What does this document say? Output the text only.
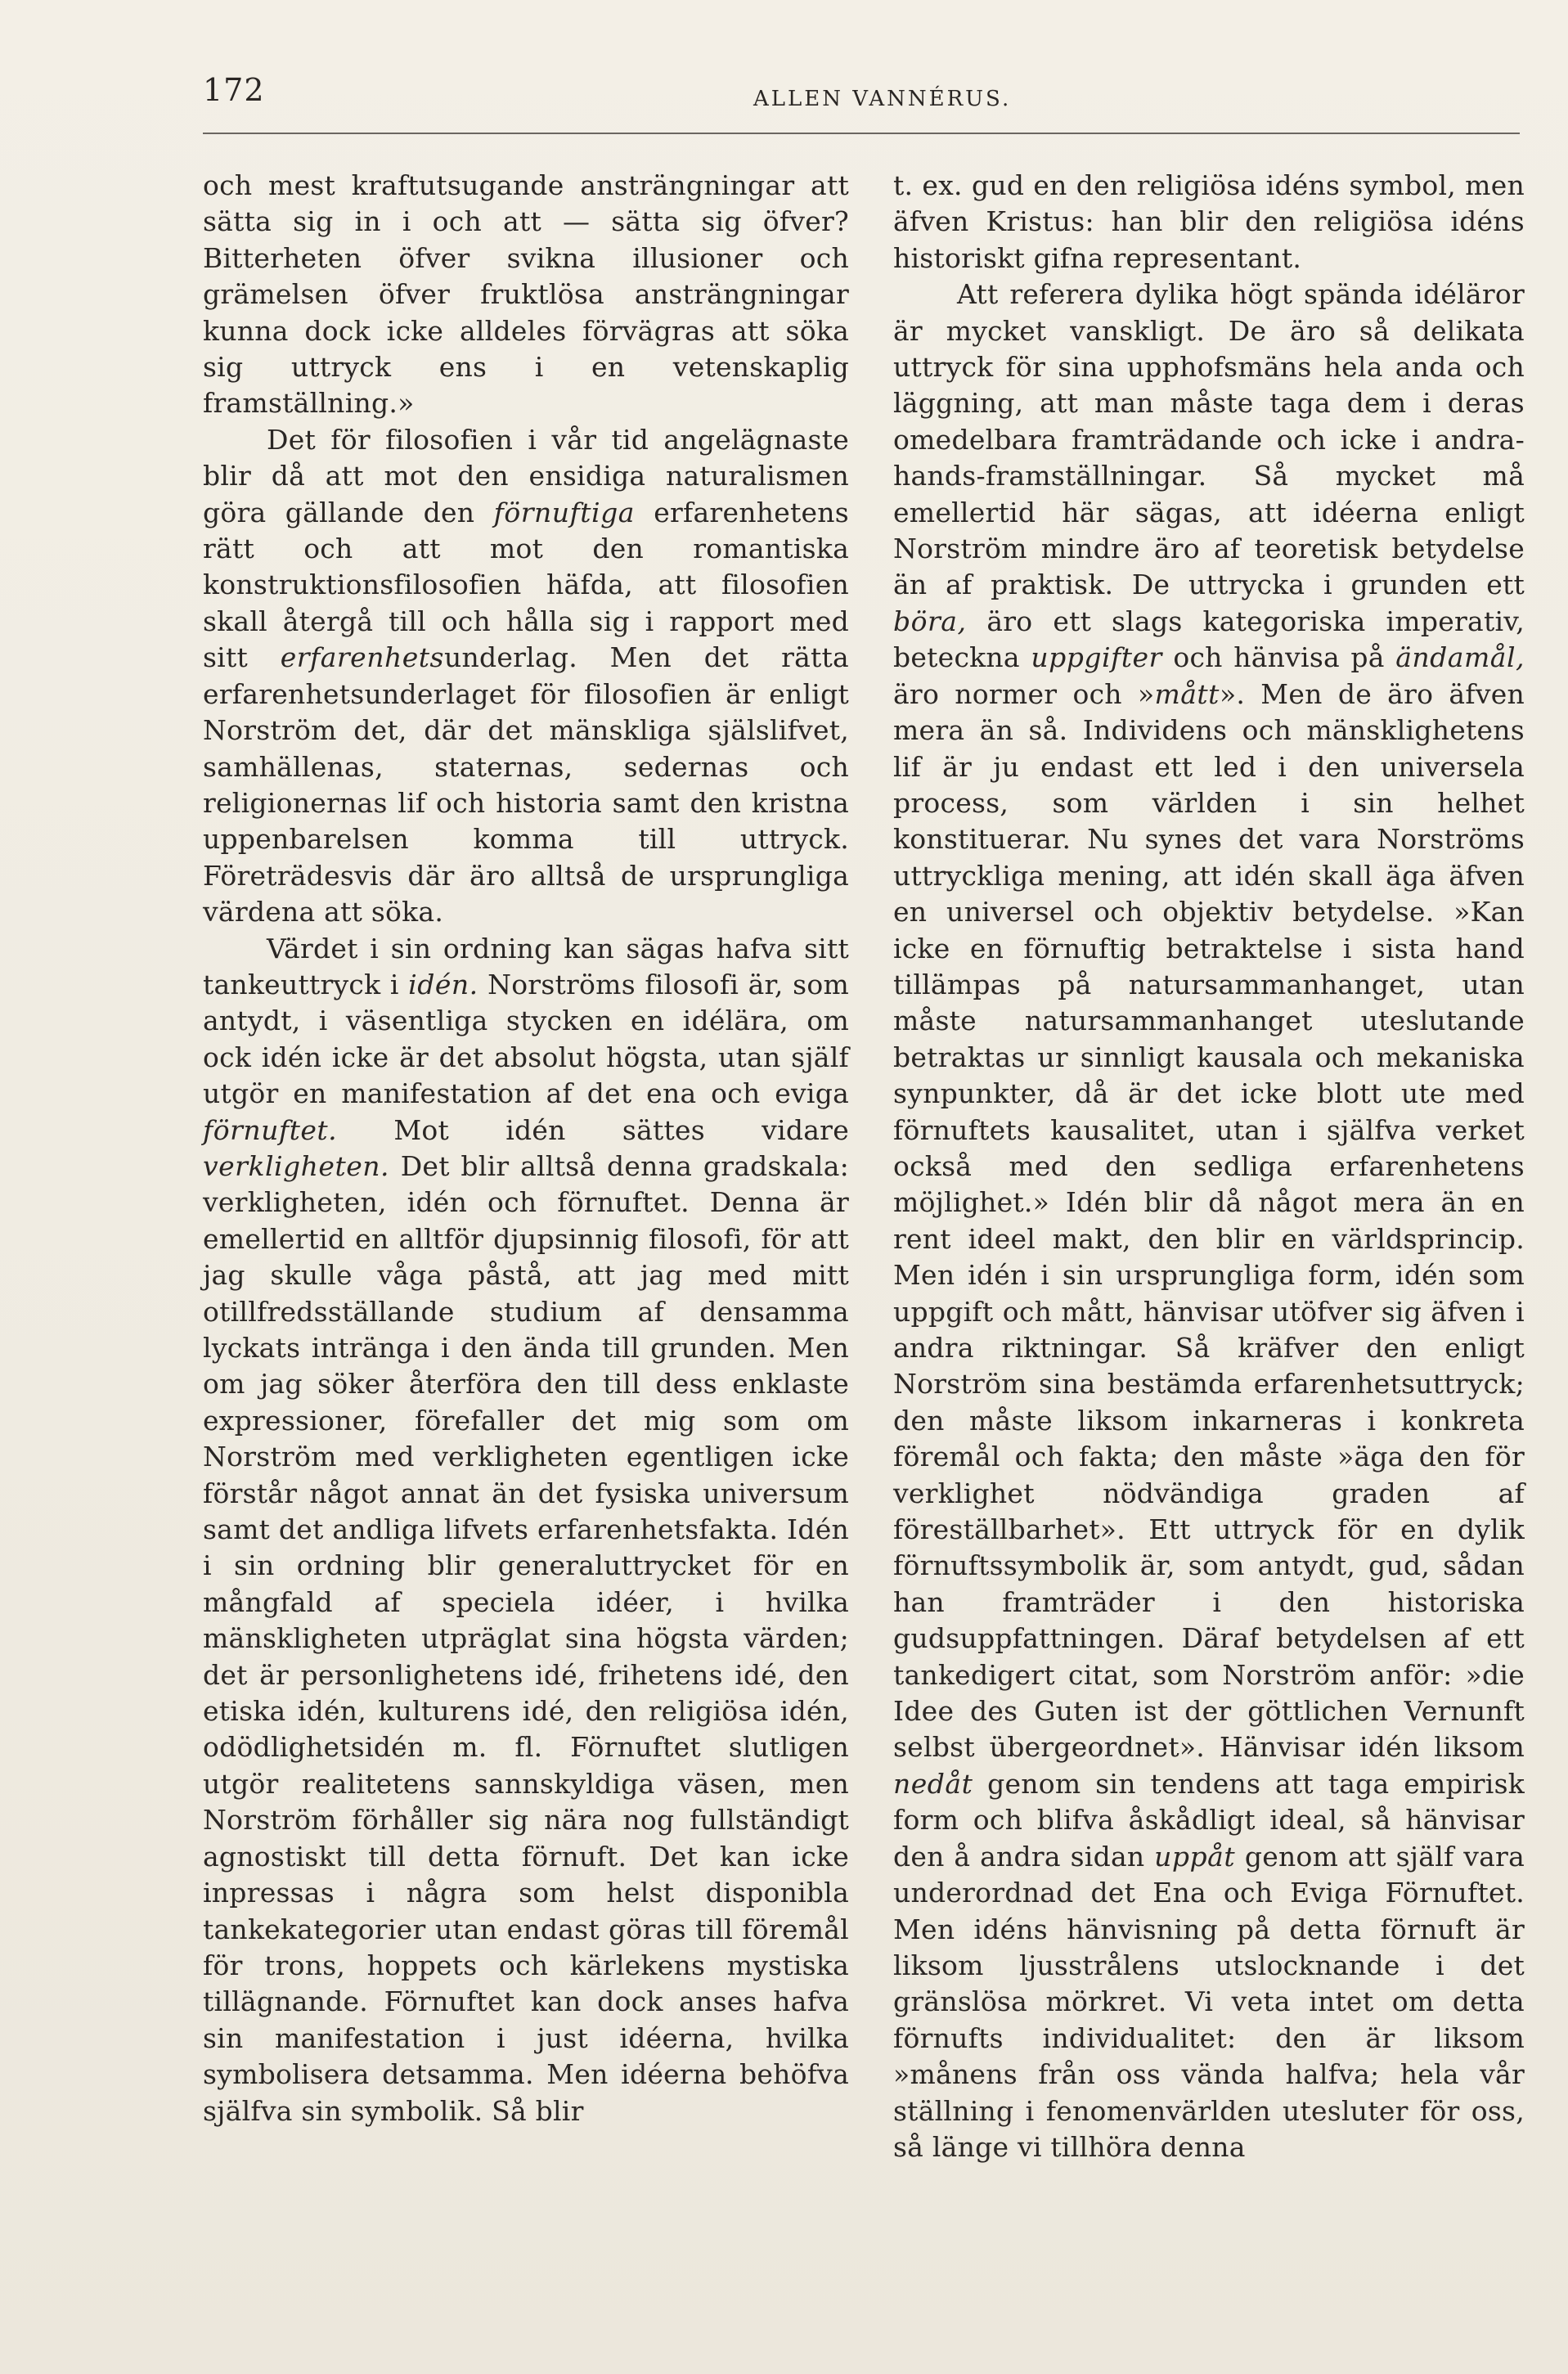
172	ALLEN VANNÉRUS.

och mest kraftutsugande ansträngningar att sätta sig in i och att — sätta sig öfver? Bitterheten öfver svikna illusioner och grämelsen öfver fruktlösa ansträngningar kunna dock icke alldeles förvägras att söka sig uttryck ens i en vetenskaplig framställning.»

Det för filosofien i vår tid angelägnaste blir då att mot den ensidiga naturalismen göra gällande den förnuftiga erfarenhetens rätt och att mot den romantiska konstruktionsfilosofien häfda, att filosofien skall återgå till och hålla sig i rapport med sitt erfarenhetsunderlag. Men det rätta erfarenhetsunderlaget för filosofien är enligt Norström det, där det mänskliga själslifvet, samhällenas, staternas, sedernas och religionernas lif och historia samt den kristna uppenbarelsen komma till uttryck. Företrädesvis där äro alltså de ursprungliga värdena att söka.

Värdet i sin ordning kan sägas hafva sitt tankeuttryck i idén. Norströms filosofi är, som antydt, i väsentliga stycken en idélära, om ock idén icke är det absolut högsta, utan själf utgör en manifestation af det ena och eviga förnuftet. Mot idén sättes vidare verkligheten. Det blir alltså denna gradskala: verkligheten, idén och förnuftet. Denna är emellertid en alltför djupsinnig filosofi, för att jag skulle våga påstå, att jag med mitt otillfredsställande studium af densamma lyckats intränga i den ända till grunden. Men om jag söker återföra den till dess enklaste expressioner, förefaller det mig som om Norström med verkligheten egentligen icke förstår något annat än det fysiska universum samt det andliga lifvets erfarenhetsfakta. Idén i sin ordning blir generaluttrycket för en mångfald af speciela idéer, i hvilka mänskligheten utpräglat sina högsta värden; det är personlighetens idé, frihetens idé, den etiska idén, kulturens idé, den religiösa idén, odödlighetsidén m. fl. Förnuftet slutligen utgör realitetens sannskyldiga väsen, men Norström förhåller sig nära nog fullständigt agnostiskt till detta förnuft. Det kan icke inpressas i några som helst disponibla tankekategorier utan endast göras till föremål för trons, hoppets och kärlekens mystiska tillägnande. Förnuftet kan dock anses hafva sin manifestation i just idéerna, hvilka symbolisera detsamma. Men idéerna behöfva själfva sin symbolik. Så blir

t. ex. gud en den religiösa idéns symbol, men äfven Kristus: han blir den religiösa idéns historiskt gifna representant.

Att referera dylika högt spända idéläror är mycket vanskligt. De äro så delikata uttryck för sina upphofsmäns hela anda och läggning, att man måste taga dem i deras omedelbara framträdande och icke i andra-hands-framställningar. Så mycket må emellertid här sägas, att idéerna enligt Norström mindre äro af teoretisk betydelse än af praktisk. De uttrycka i grunden ett böra, äro ett slags kategoriska imperativ, beteckna uppgifter och hänvisa på ändamål, äro normer och »mått». Men de äro äfven mera än så. Individens och mänsklighetens lif är ju endast ett led i den universela process, som världen i sin helhet konstituerar. Nu synes det vara Norströms uttryckliga mening, att idén skall äga äfven en universel och objektiv betydelse. »Kan icke en förnuftig betraktelse i sista hand tillämpas på natursammanhanget, utan måste natursammanhanget uteslutande betraktas ur sinnligt kausala och mekaniska synpunkter, då är det icke blott ute med förnuftets kausalitet, utan i själfva verket också med den sedliga erfarenhetens möjlighet.» Idén blir då något mera än en rent ideel makt, den blir en världsprincip. Men idén i sin ursprungliga form, idén som uppgift och mått, hänvisar utöfver sig äfven i andra riktningar. Så kräfver den enligt Norström sina bestämda erfarenhetsuttryck; den måste liksom inkarneras i konkreta föremål och fakta; den måste »äga den för verklighet nödvändiga graden af föreställbarhet». Ett uttryck för en dylik förnuftssymbolik är, som antydt, gud, sådan han framträder i den historiska gudsuppfattningen. Däraf betydelsen af ett tankedigert citat, som Norström anför: »die Idee des Guten ist der göttlichen Vernunft selbst übergeordnet». Hänvisar idén liksom nedåt genom sin tendens att taga empirisk form och blifva åskådligt ideal, så hänvisar den å andra sidan uppåt genom att själf vara underordnad det Ena och Eviga Förnuftet. Men idéns hänvisning på detta förnuft är liksom ljusstrålens utslocknande i det gränslösa mörkret. Vi veta intet om detta förnufts individualitet: den är liksom »månens från oss vända halfva; hela vår ställning i fenomenvärlden utesluter för oss, så länge vi tillhöra denna
